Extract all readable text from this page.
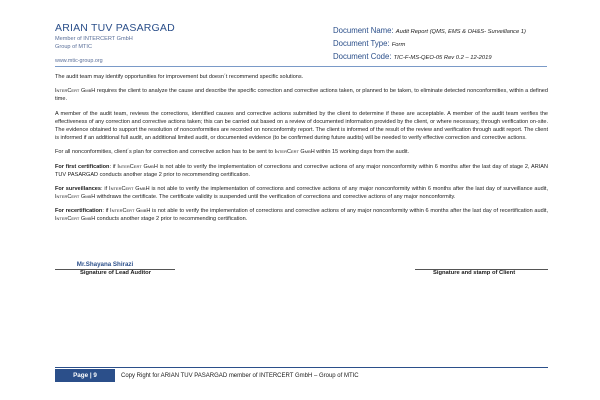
ARIAN TUV PASARGAD
Member of INTERCERT GmbH
Group of MTIC
www.mtic-group.org
Document Name: Audit Report (QMS, EMS & OH&S- Surveillance 1)
Document Type: Form
Document Code: TIC-F-MS-QEO-05 Rev 0.2 – 12-2019

The audit team may identify opportunities for improvement but doesn´t recommend specific solutions.

InterCert GmbH requires the client to analyze the cause and describe the specific correction and corrective actions taken, or planned to be taken, to eliminate detected nonconformities, within a defined time.

A member of the audit team, reviews the corrections, identified causes and corrective actions submitted by the client to determine if these are acceptable. A member of the audit team verifies the effectiveness of any correction and corrective actions taken; this can be carried out based on a review of documented information provided by the client, or where necessary, through verification on-site. The evidence obtained to support the resolution of nonconformities are recorded on nonconformity report. The client is informed of the result of the review and verification through audit report. The client is informed if an additional full audit, an additional limited audit, or documented evidence (to be confirmed during future audits) will be needed to verify effective correction and corrective actions.

For all nonconformities, client´s plan for correction and corrective action has to be sent to InterCert GmbH within 15 working days from the audit.

For first certification: if InterCert GmbH is not able to verify the implementation of corrections and corrective actions of any major nonconformity within 6 months after the last day of stage 2, ARIAN TUV PASARGAD conducts another stage 2 prior to recommending certification.

For surveillances: if InterCert GmbH is not able to verify the implementation of corrections and corrective actions of any major nonconformity within 6 months after the last day of surveillance audit, InterCert GmbH withdraws the certificate. The certificate validity is suspended until the verification of corrections and corrective actions of any major nonconformity.

For recertification: if InterCert GmbH is not able to verify the implementation of corrections and corrective actions of any major nonconformity within 6 months after the last day of recertification audit, InterCert GmbH conducts another stage 2 prior to recommending certification.

Mr.Shayana Shirazi
Signature of Lead Auditor	Signature and stamp of Client
Page | 9	Copy Right for ARIAN TUV PASARGAD member of INTERCERT GmbH – Group of MTIC
